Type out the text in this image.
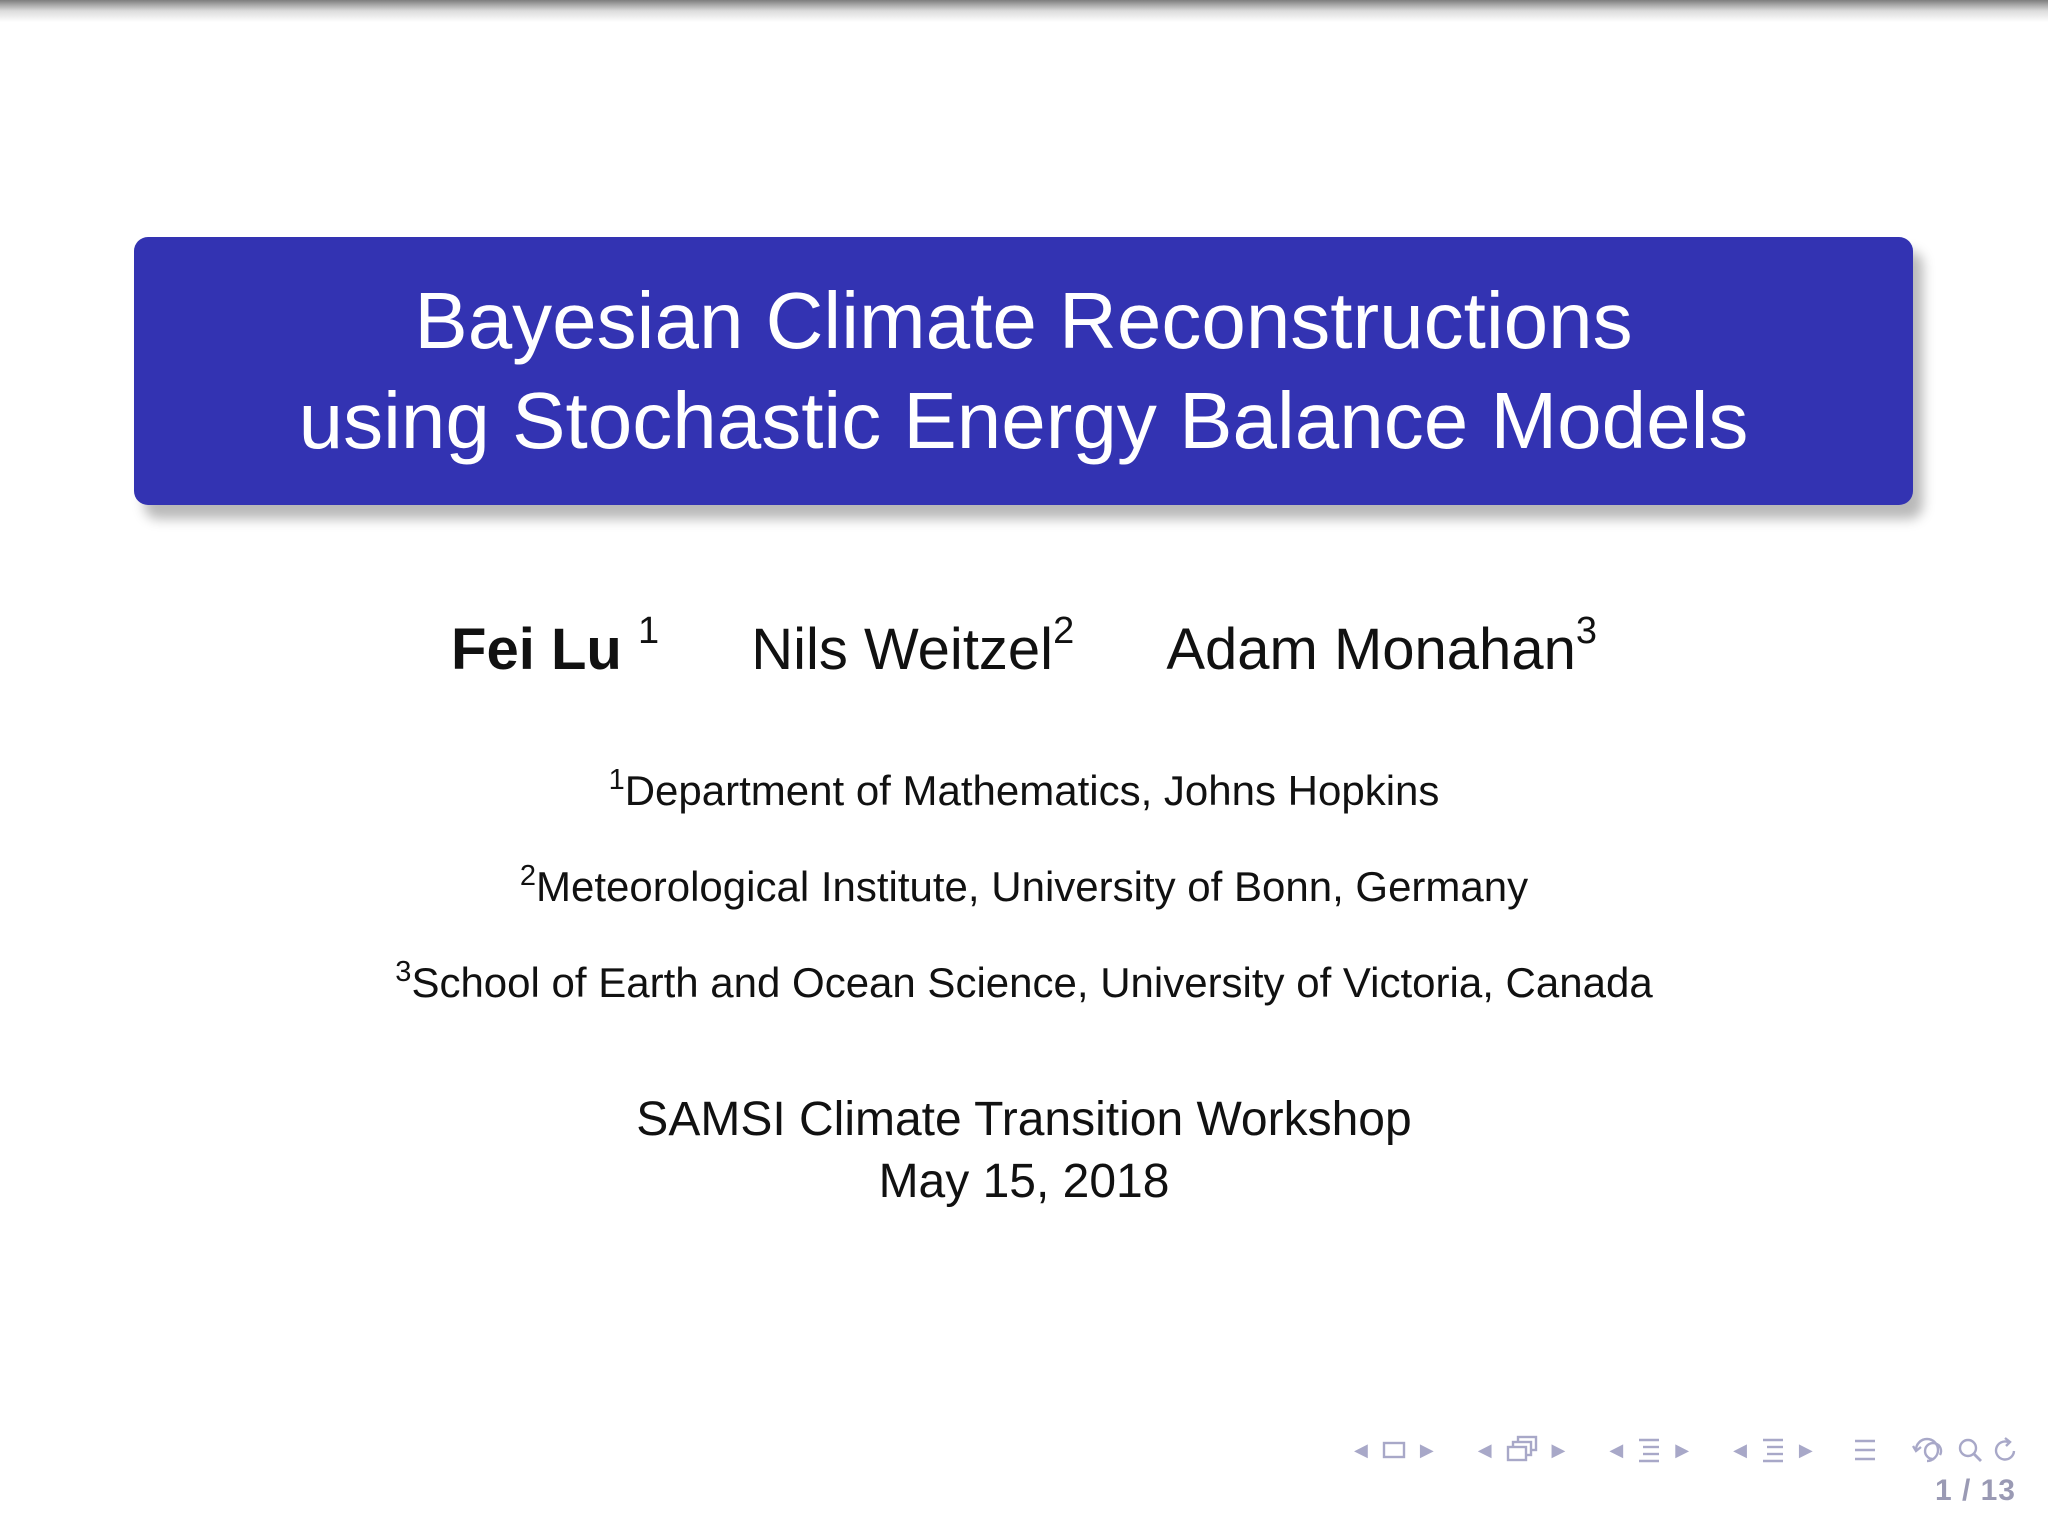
Bayesian Climate Reconstructions
using Stochastic Energy Balance Models
Fei Lu $^1$ Nils Weitzel$^2$ Adam Monahan$^3$
$^1$Department of Mathematics, Johns Hopkins
$^2$Meteorological Institute, University of Bonn, Germany
$^3$School of Earth and Ocean Science, University of Victoria, Canada
SAMSI Climate Transition Workshop
May 15, 2018
◀	▶	◀	▶	◀	▶	◀	▶
1 / 13
